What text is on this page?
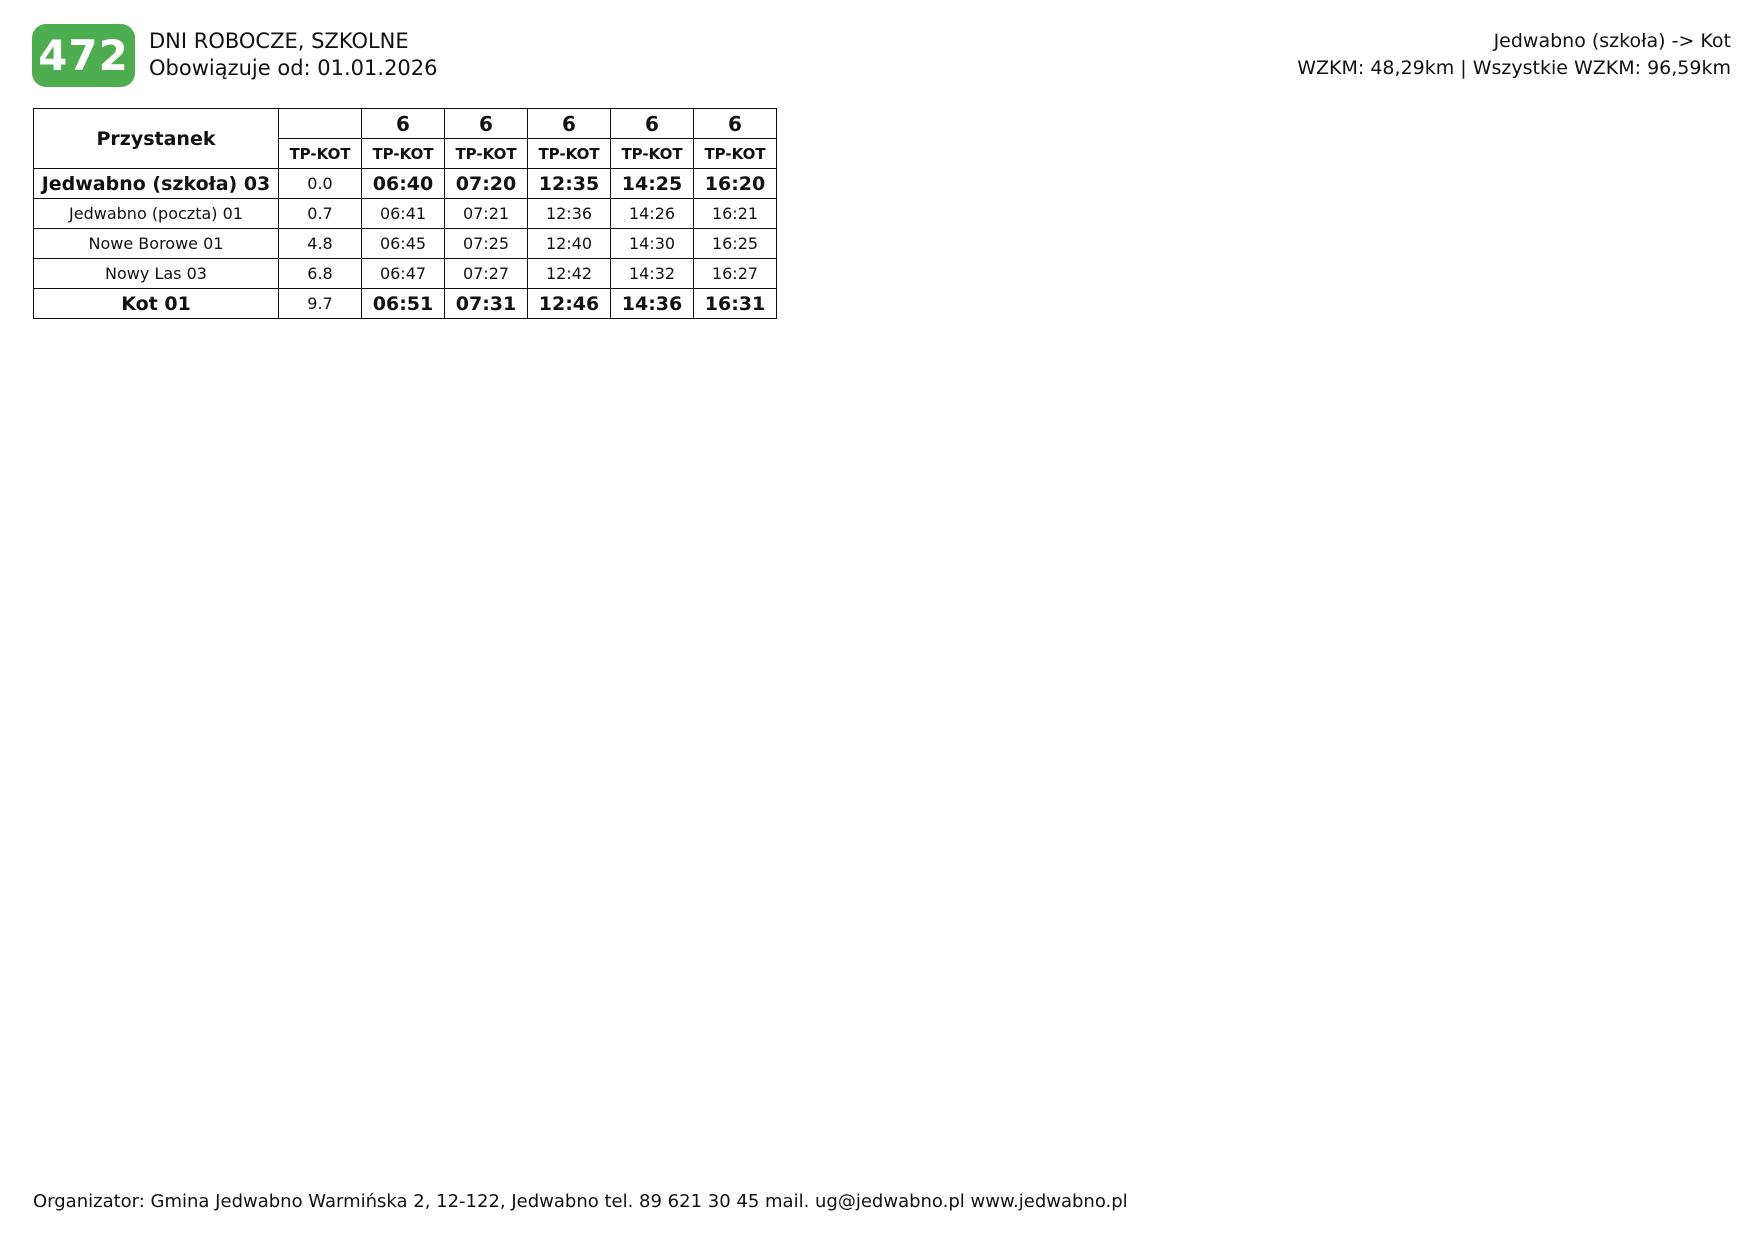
472 DNI ROBOCZE, SZKOLNE
Obowiązuje od: 01.01.2026
Jedwabno (szkoła) -> Kot
WZKM: 48,29km | Wszystkie WZKM: 96,59km
Przystanek		6	6	6	6	6
	TP-KOT	TP-KOT	TP-KOT	TP-KOT	TP-KOT	TP-KOT
Jedwabno (szkoła) 03	0.0	06:40	07:20	12:35	14:25	16:20
Jedwabno (poczta) 01	0.7	06:41	07:21	12:36	14:26	16:21
Nowe Borowe 01	4.8	06:45	07:25	12:40	14:30	16:25
Nowy Las 03	6.8	06:47	07:27	12:42	14:32	16:27
Kot 01	9.7	06:51	07:31	12:46	14:36	16:31
Organizator: Gmina Jedwabno Warmińska 2, 12-122, Jedwabno tel. 89 621 30 45 mail. ug@jedwabno.pl www.jedwabno.pl
